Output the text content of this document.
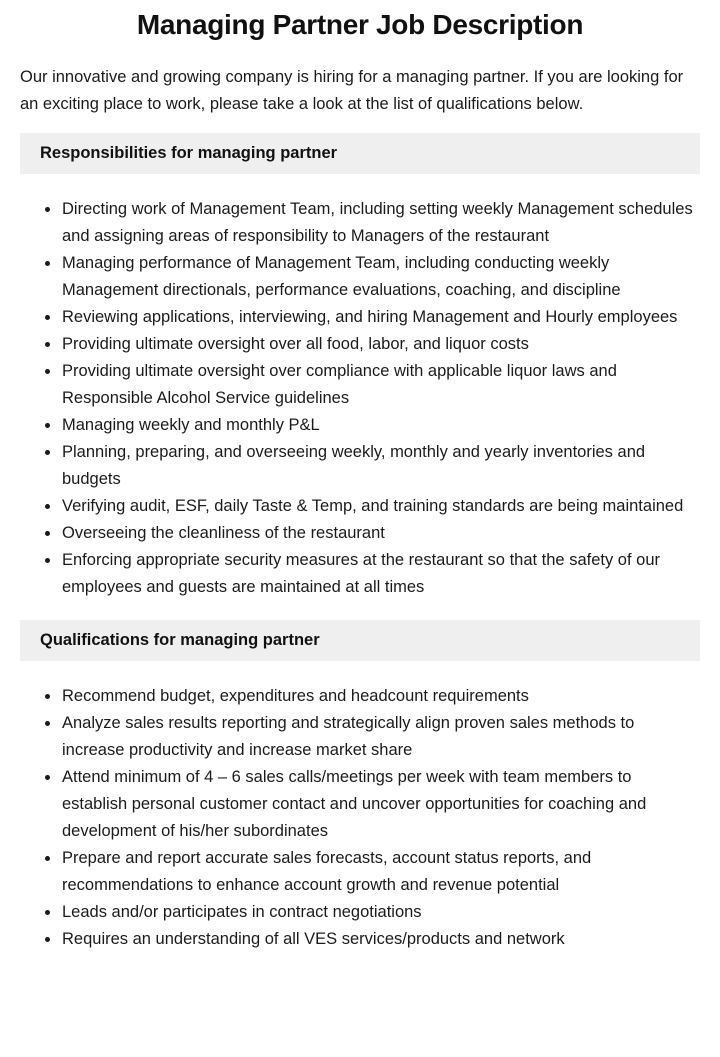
Managing Partner Job Description

Our innovative and growing company is hiring for a managing partner. If you are looking for an exciting place to work, please take a look at the list of qualifications below.

Responsibilities for managing partner
• Directing work of Management Team, including setting weekly Management schedules and assigning areas of responsibility to Managers of the restaurant
• Managing performance of Management Team, including conducting weekly Management directionals, performance evaluations, coaching, and discipline
• Reviewing applications, interviewing, and hiring Management and Hourly employees
• Providing ultimate oversight over all food, labor, and liquor costs
• Providing ultimate oversight over compliance with applicable liquor laws and Responsible Alcohol Service guidelines
• Managing weekly and monthly P&L
• Planning, preparing, and overseeing weekly, monthly and yearly inventories and budgets
• Verifying audit, ESF, daily Taste & Temp, and training standards are being maintained
• Overseeing the cleanliness of the restaurant
• Enforcing appropriate security measures at the restaurant so that the safety of our employees and guests are maintained at all times
Qualifications for managing partner
• Recommend budget, expenditures and headcount requirements
• Analyze sales results reporting and strategically align proven sales methods to increase productivity and increase market share
• Attend minimum of 4 – 6 sales calls/meetings per week with team members to establish personal customer contact and uncover opportunities for coaching and development of his/her subordinates
• Prepare and report accurate sales forecasts, account status reports, and recommendations to enhance account growth and revenue potential
• Leads and/or participates in contract negotiations
• Requires an understanding of all VES services/products and network
